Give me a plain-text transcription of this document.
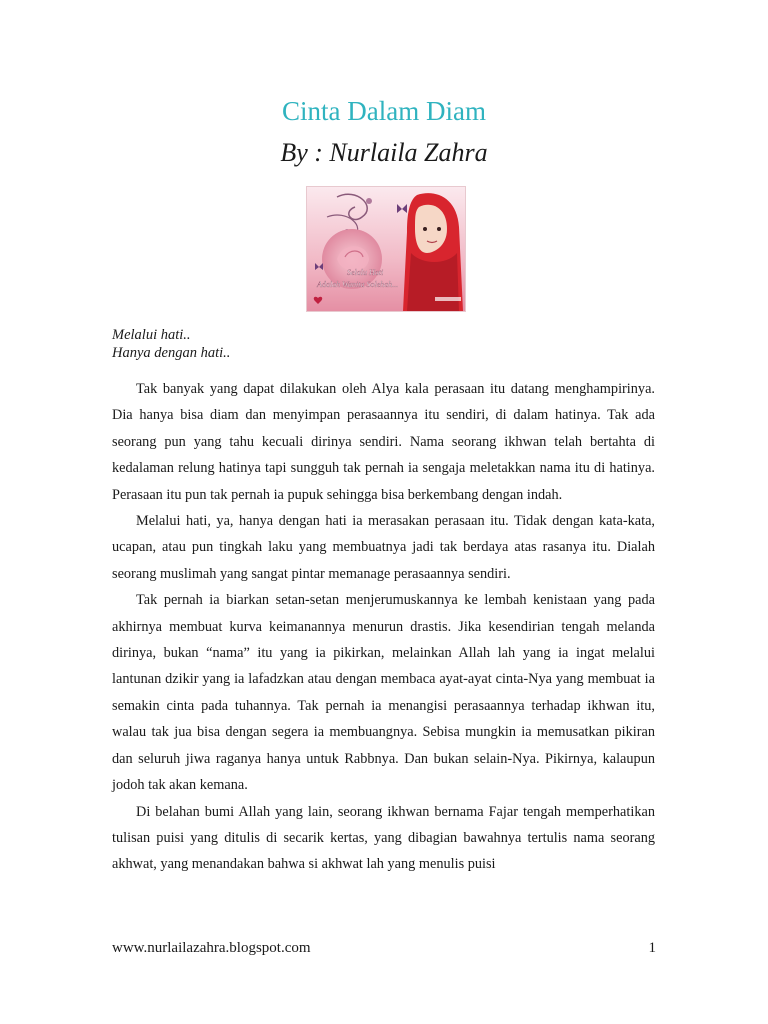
Cinta Dalam Diam
By : Nurlaila Zahra
Selalu Hati
Adalah Wanita Solehah...
Melalui hati..
Hanya dengan hati..

Tak banyak yang dapat dilakukan oleh Alya kala perasaan itu datang menghampirinya. Dia hanya bisa diam dan menyimpan perasaannya itu sendiri, di dalam hatinya. Tak ada seorang pun yang tahu kecuali dirinya sendiri. Nama seorang ikhwan telah bertahta di kedalaman relung hatinya tapi sungguh tak pernah ia sengaja meletakkan nama itu di hatinya. Perasaan itu pun tak pernah ia pupuk sehingga bisa berkembang dengan indah.

Melalui hati, ya, hanya dengan hati ia merasakan perasaan itu. Tidak dengan kata-kata, ucapan, atau pun tingkah laku yang membuatnya jadi tak berdaya atas rasanya itu. Dialah seorang muslimah yang sangat pintar memanage perasaannya sendiri.

Tak pernah ia biarkan setan-setan menjerumuskannya ke lembah kenistaan yang pada akhirnya membuat kurva keimanannya menurun drastis. Jika kesendirian tengah melanda dirinya, bukan “nama” itu yang ia pikirkan, melainkan Allah lah yang ia ingat melalui lantunan dzikir yang ia lafadzkan atau dengan membaca ayat-ayat cinta-Nya yang membuat ia semakin cinta pada tuhannya. Tak pernah ia menangisi perasaannya terhadap ikhwan itu, walau tak jua bisa dengan segera ia membuangnya. Sebisa mungkin ia memusatkan pikiran dan seluruh jiwa raganya hanya untuk Rabbnya. Dan bukan selain-Nya. Pikirnya, kalaupun jodoh tak akan kemana.

Di belahan bumi Allah yang lain, seorang ikhwan bernama Fajar tengah memperhatikan tulisan puisi yang ditulis di secarik kertas, yang dibagian bawahnya tertulis nama seorang akhwat, yang menandakan bahwa si akhwat lah yang menulis puisi

www.nurlailazahra.blogspot.com	1
